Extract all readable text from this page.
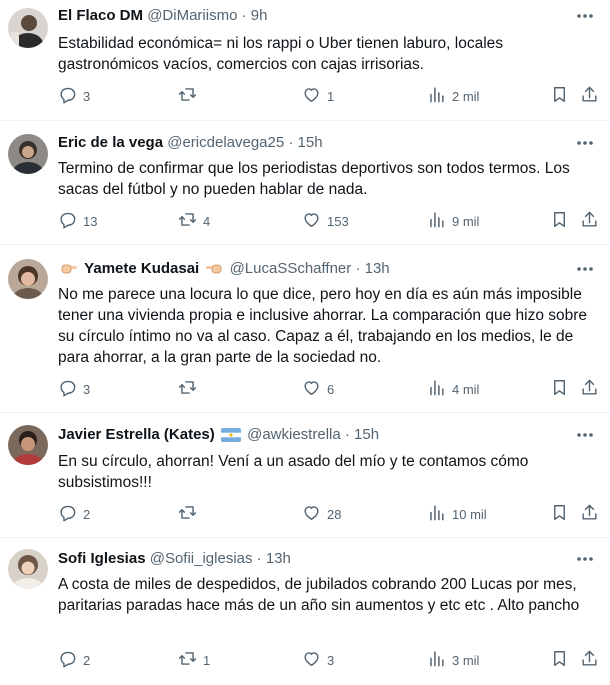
El Flaco DM @DiMariismo · 9h
Estabilidad económica= ni los rappi o Uber tienen laburo, locales gastronómicos vacíos, comercios con cajas irrisorias.
3	1	2 mil
Eric de la vega @ericdelavega25 · 15h
Termino de confirmar que los periodistas deportivos son todos termos. Los sacas del fútbol y no pueden hablar de nada.
13	4	153	9 mil
Yamete Kudasai @LucaSSchaffner · 13h
No me parece una locura lo que dice, pero hoy en día es aún más imposible tener una vivienda propia e inclusive ahorrar. La comparación que hizo sobre su círculo íntimo no va al caso. Capaz a él, trabajando en los medios, le de para ahorrar, a la gran parte de la sociedad no.
3	6	4 mil
Javier Estrella (Kates) @awkiestrella · 15h
En su círculo, ahorran! Vení a un asado del mío y te contamos cómo subsistimos!!!
2	28	10 mil
Sofi Iglesias @Sofii_iglesias · 13h
A costa de miles de despedidos, de jubilados cobrando 200 Lucas por mes, paritarias paradas hace más de un año sin aumentos y etc etc . Alto pancho
2	1	3	3 mil
